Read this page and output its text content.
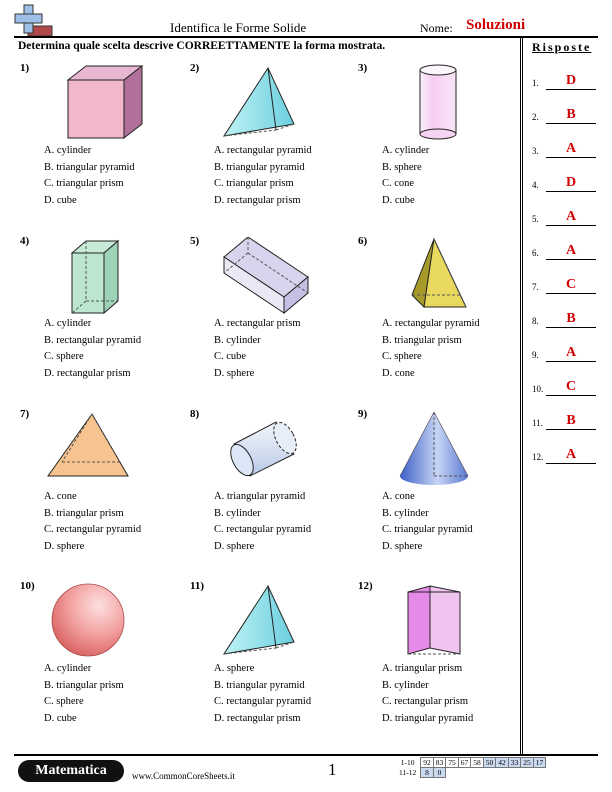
Identifica le Forme Solide	Nome: Soluzioni
Determina quale scelta descrive CORREETTAMENTE la forma mostrata.	Risposte
1.	D
2.	B
3.	A
4.	D
5.	A
6.	A
7.	C
8.	B
9.	A
10.	C
11.	B
12.	A
1)
A. cylinder
B. triangular pyramid
C. triangular prism
D. cube
2)
A. rectangular pyramid
B. triangular pyramid
C. triangular prism
D. rectangular prism
3)
A. cylinder
B. sphere
C. cone
D. cube
4)
A. cylinder
B. rectangular pyramid
C. sphere
D. rectangular prism
5)
A. rectangular prism
B. cylinder
C. cube
D. sphere
6)
A. rectangular pyramid
B. triangular prism
C. sphere
D. cone
7)
A. cone
B. triangular prism
C. rectangular pyramid
D. sphere
8)
A. triangular pyramid
B. cylinder
C. rectangular pyramid
D. sphere
9)
A. cone
B. cylinder
C. triangular pyramid
D. sphere
10)
A. cylinder
B. triangular prism
C. sphere
D. cube
11)
A. sphere
B. triangular pyramid
C. rectangular pyramid
D. rectangular prism
12)
A. triangular prism
B. cylinder
C. rectangular prism
D. triangular pyramid
Matematica	www.CommonCoreSheets.it	1	1-10	92	83	75	67	58	50	42	33	25	17
11-12	8	0								
